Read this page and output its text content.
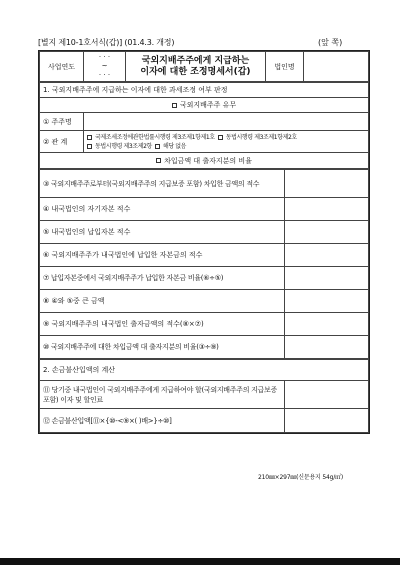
[별지 제10-1호서식(갑)] (01.4.3. 개정)	(앞 쪽)
사업연도	
· · ·
~
· · ·

국외지배주주에게 지급하는
이자에 대한 조정명세서(갑)	법인명	
1. 국외지배주주에 지급하는 이자에 대한 과세조정 여부 판정	
국외지배주주 유무	
① 주주명	
② 관 계	국제조세조정에관한법률시행령 제3조제1항제1호 동법시행령 제3조제1항제2호
동법시행령 제3조제2항 해당 없음

차입금액 대 출자지분의 비율	
③ 국외지배주주로부터(국외지배주주의 지급보증 포함) 차입한 금액의 적수	
④ 내국법인의 자기자본 적수	
⑤ 내국법인의 납입자본 적수	
⑥ 국외지배주주가 내국법인에 납입한 자본금의 적수	
⑦ 납입자본중에서 국외지배주주가 납입한 자본금 비율(⑥÷⑤)	
⑧ ④와 ⑤중 큰 금액	
⑨ 국외지배주주의 내국법인 출자금액의 적수(⑧×⑦)	
⑩ 국외지배주주에 대한 차입금액 대 출자지분의 비율(③÷⑨)	
2. 손금불산입액의 계산	
⑪ 당기중 내국법인이 국외지배주주에게 지급하여야 할(국외지배주주의 지급보증 포함) 이자 및 할인료	
⑫ 손금불산입액[⑪×{⑩-<⑨×( )배>}÷⑩]	
210㎜×297㎜(신문용지 54g/㎡)
